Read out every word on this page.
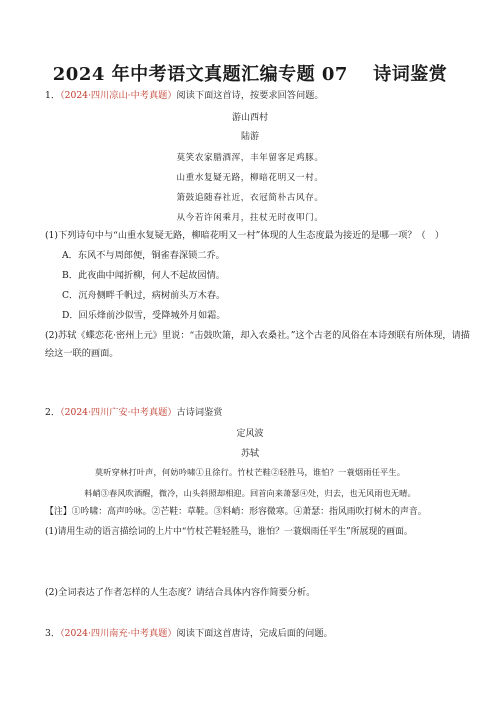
2024 年中考语文真题汇编专题 07　 诗词鉴赏
1．（2024·四川凉山·中考真题）阅读下面这首诗，按要求回答问题。
游山西村
陆游
莫笑农家腊酒浑，丰年留客足鸡豚。
山重水复疑无路，柳暗花明又一村。
箫鼓追随春社近，衣冠简朴古风存。
从今若许闲乘月，拄杖无时夜叩门。
(1)下列诗句中与“山重水复疑无路，柳暗花明又一村”体现的人生态度最为接近的是哪一项？（　）
A．东风不与周郎便，铜雀春深锁二乔。
B．此夜曲中闻折柳，何人不起故园情。
C．沉舟侧畔千帆过，病树前头万木春。
D．回乐烽前沙似雪，受降城外月如霜。
(2)苏轼《蝶恋花·密州上元》里说：“击鼓吹箫，却入农桑社。”这个古老的风俗在本诗颈联有所体现，请描
绘这一联的画面。
2．（2024·四川广安·中考真题）古诗词鉴赏
定风波
苏轼
莫听穿林打叶声，何妨吟啸①且徐行。竹杖芒鞋②轻胜马，谁怕？一蓑烟雨任平生。
料峭③春风吹酒醒，微冷，山头斜照却相迎。回首向来萧瑟④处，归去，也无风雨也无晴。
【注】①吟啸：高声吟咏。②芒鞋：草鞋。③料峭：形容微寒。④萧瑟：指风雨吹打树木的声音。
(1)请用生动的语言描绘词的上片中“竹杖芒鞋轻胜马，谁怕？一蓑烟雨任平生”所展现的画面。
(2)全词表达了作者怎样的人生态度？请结合具体内容作简要分析。
3．（2024·四川南充·中考真题）阅读下面这首唐诗，完成后面的问题。
